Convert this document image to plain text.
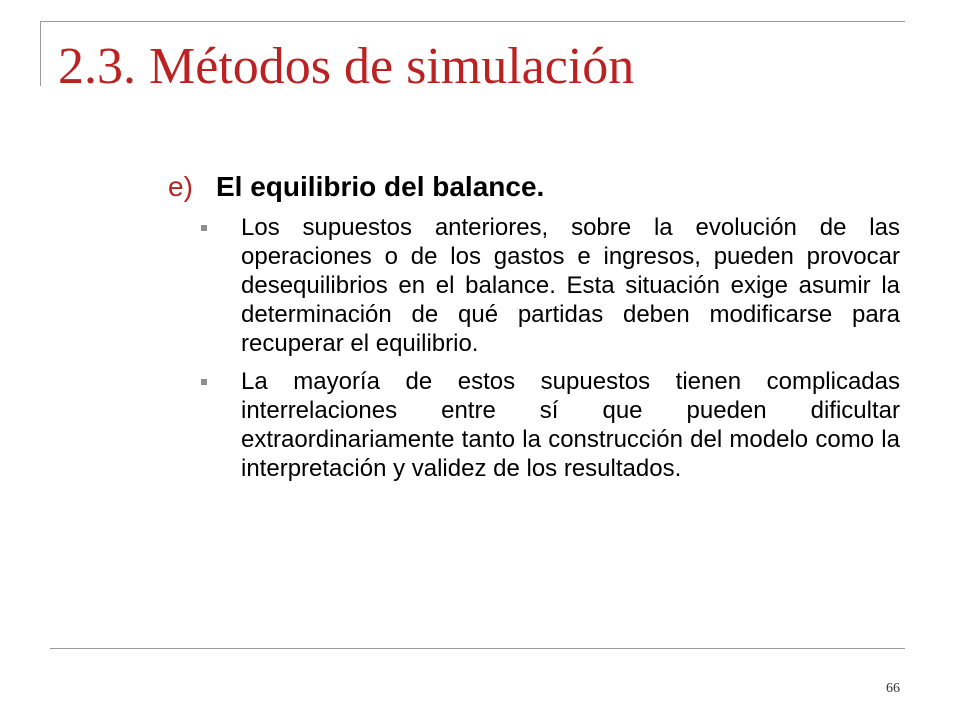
2.3. Métodos de simulación
e) El equilibrio del balance.
Los supuestos anteriores, sobre la evolución de las operaciones o de los gastos e ingresos, pueden provocar desequilibrios en el balance. Esta situación exige asumir la determinación de qué partidas deben modificarse para recuperar el equilibrio.
La mayoría de estos supuestos tienen complicadas interrelaciones entre sí que pueden dificultar extraordinariamente tanto la construcción del modelo como la interpretación y validez de los resultados.
66
